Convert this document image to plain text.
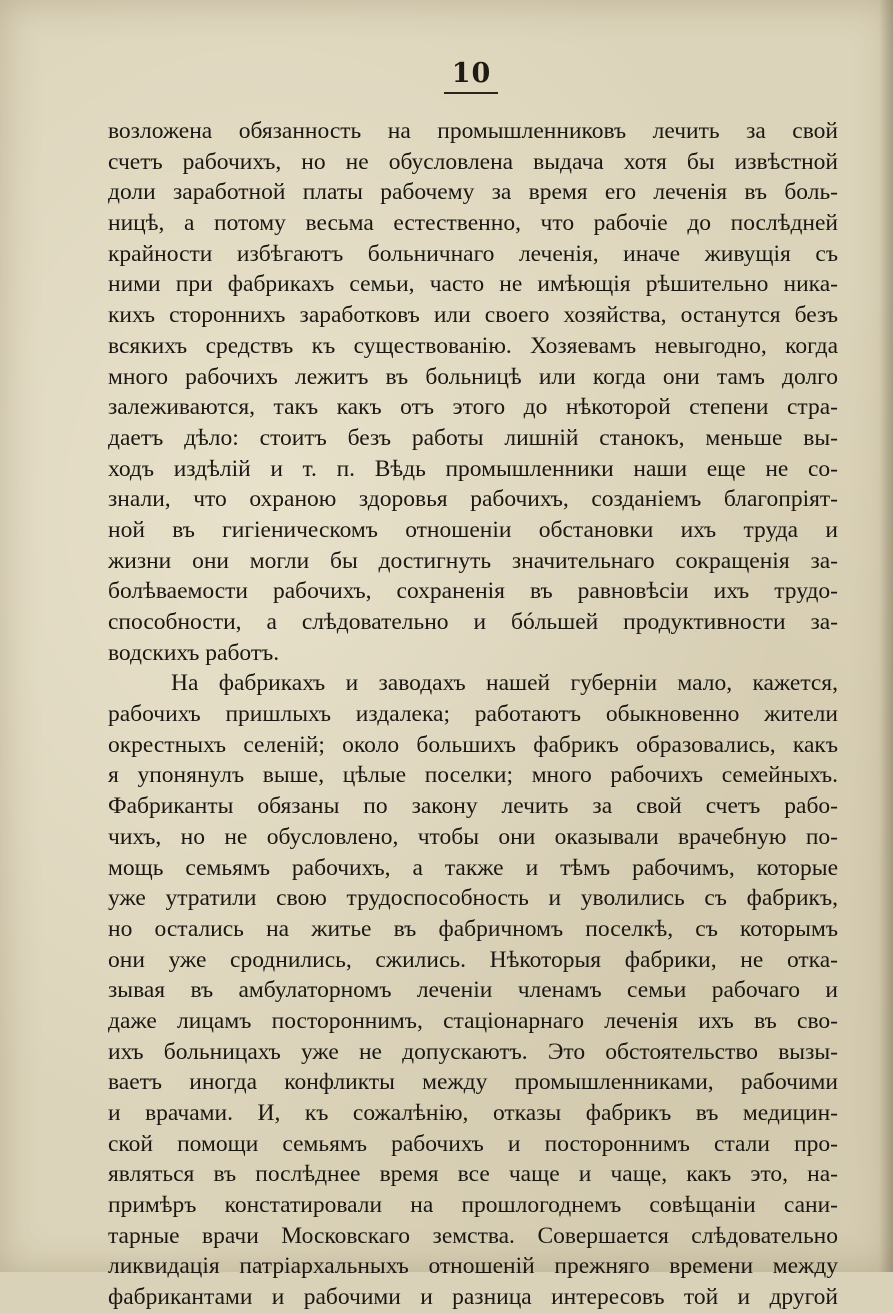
10
возложена обязанность на промышленниковъ лечить за свой
счетъ рабочихъ, но не обусловлена выдача хотя бы извѣстной
доли заработной платы рабочему за время его леченія въ боль-
ницѣ, а потому весьма естественно, что рабочіе до послѣдней
крайности избѣгаютъ больничнаго леченія, иначе живущія съ
ними при фабрикахъ семьи, часто не имѣющія рѣшительно ника-
кихъ стороннихъ заработковъ или своего хозяйства, останутся безъ
всякихъ средствъ къ существованію. Хозяевамъ невыгодно, когда
много рабочихъ лежитъ въ больницѣ или когда они тамъ долго
залеживаются, такъ какъ отъ этого до нѣкоторой степени стра-
даетъ дѣло: стоитъ безъ работы лишній станокъ, меньше вы-
ходъ издѣлій и т. п. Вѣдь промышленники наши еще не со-
знали, что охраною здоровья рабочихъ, созданіемъ благопріят-
ной въ гигіеническомъ отношеніи обстановки ихъ труда и
жизни они могли бы достигнуть значительнаго сокращенія за-
болѣваемости рабочихъ, сохраненія въ равновѣсіи ихъ трудо-
способности, а слѣдовательно и бóльшей продуктивности за-
водскихъ работъ.
На фабрикахъ и заводахъ нашей губерніи мало, кажется,
рабочихъ пришлыхъ издалека; работаютъ обыкновенно жители
окрестныхъ селеній; около большихъ фабрикъ образовались, какъ
я упонянулъ выше, цѣлые поселки; много рабочихъ семейныхъ.
Фабриканты обязаны по закону лечить за свой счетъ рабо-
чихъ, но не обусловлено, чтобы они оказывали врачебную по-
мощь семьямъ рабочихъ, а также и тѣмъ рабочимъ, которые
уже утратили свою трудоспособность и уволились съ фабрикъ,
но остались на житье въ фабричномъ поселкѣ, съ которымъ
они уже сроднились, сжились. Нѣкоторыя фабрики, не отка-
зывая въ амбулаторномъ леченіи членамъ семьи рабочаго и
даже лицамъ постороннимъ, стаціонарнаго леченія ихъ въ сво-
ихъ больницахъ уже не допускаютъ. Это обстоятельство вызы-
ваетъ иногда конфликты между промышленниками, рабочими
и врачами. И, къ сожалѣнію, отказы фабрикъ въ медицин-
ской помощи семьямъ рабочихъ и постороннимъ стали про-
являться въ послѣднее время все чаще и чаще, какъ это, на-
примѣръ констатировали на прошлогоднемъ совѣщаніи сани-
тарные врачи Московскаго земства. Совершается слѣдовательно
ликвидація патріархальныхъ отношеній прежняго времени между
фабрикантами и рабочими и разница интересовъ той и другой
